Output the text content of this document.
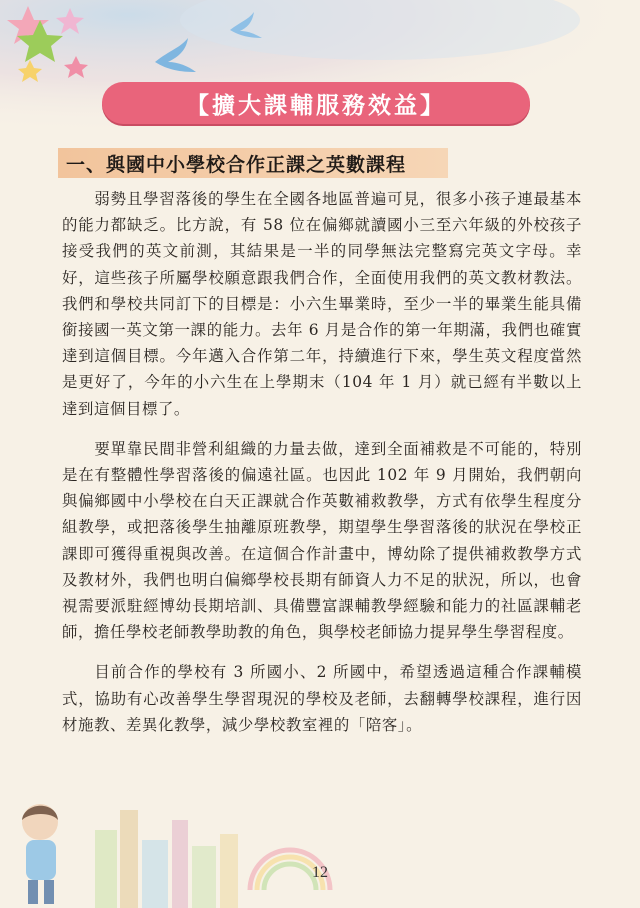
【擴大課輔服務效益】
一、與國中小學校合作正課之英數課程

弱勢且學習落後的學生在全國各地區普遍可見，很多小孩子連最基本的能力都缺乏。比方說，有 58 位在偏鄉就讀國小三至六年級的外校孩子接受我們的英文前測，其結果是一半的同學無法完整寫完英文字母。幸好，這些孩子所屬學校願意跟我們合作，全面使用我們的英文教材教法。我們和學校共同訂下的目標是：小六生畢業時，至少一半的畢業生能具備銜接國一英文第一課的能力。去年 6 月是合作的第一年期滿，我們也確實達到這個目標。今年邁入合作第二年，持續進行下來，學生英文程度當然是更好了，今年的小六生在上學期末（104 年 1 月）就已經有半數以上達到這個目標了。

要單靠民間非營利組織的力量去做，達到全面補救是不可能的，特別是在有整體性學習落後的偏遠社區。也因此 102 年 9 月開始，我們朝向與偏鄉國中小學校在白天正課就合作英數補救教學，方式有依學生程度分組教學，或把落後學生抽離原班教學，期望學生學習落後的狀況在學校正課即可獲得重視與改善。在這個合作計畫中，博幼除了提供補救教學方式及教材外，我們也明白偏鄉學校長期有師資人力不足的狀況，所以，也會視需要派駐經博幼長期培訓、具備豐富課輔教學經驗和能力的社區課輔老師，擔任學校老師教學助教的角色，與學校老師協力提昇學生學習程度。

目前合作的學校有 3 所國小、2 所國中，希望透過這種合作課輔模式，協助有心改善學生學習現況的學校及老師，去翻轉學校課程，進行因材施教、差異化教學，減少學校教室裡的「陪客」。

12
